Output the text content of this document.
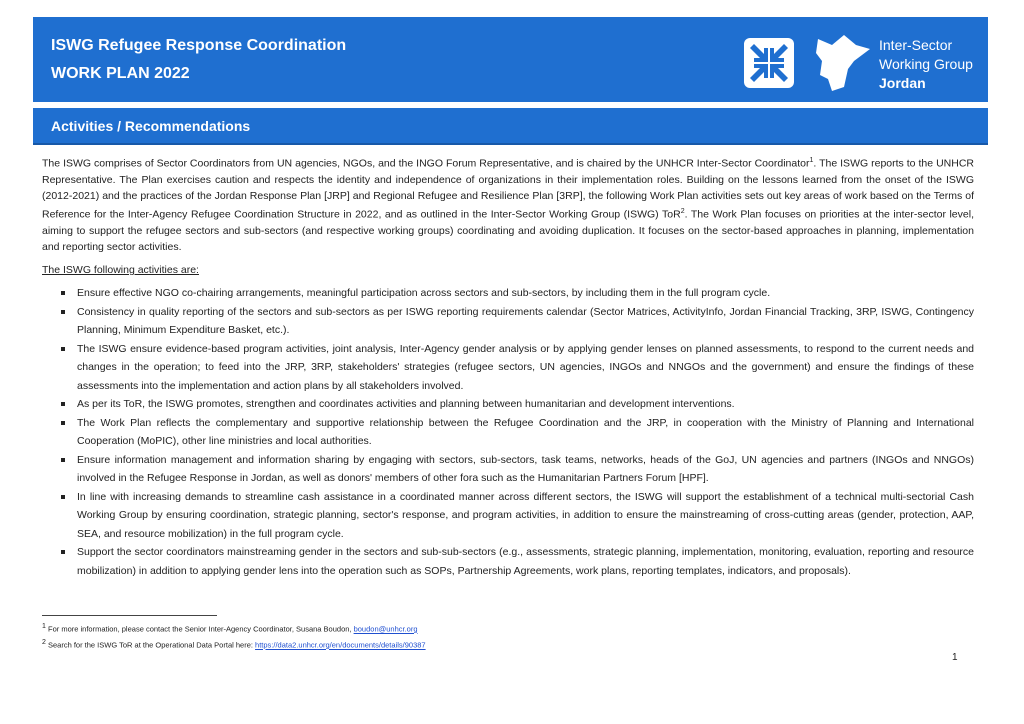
ISWG Refugee Response Coordination
WORK PLAN 2022
Inter-Sector
Working Group
Jordan
Activities / Recommendations

The ISWG comprises of Sector Coordinators from UN agencies, NGOs, and the INGO Forum Representative, and is chaired by the UNHCR Inter-Sector Coordinator$^1$. The ISWG reports to the UNHCR Representative. The Plan exercises caution and respects the identity and independence of organizations in their implementation roles. Building on the lessons learned from the onset of the ISWG (2012-2021) and the practices of the Jordan Response Plan [JRP] and Regional Refugee and Resilience Plan [3RP], the following Work Plan activities sets out key areas of work based on the Terms of Reference for the Inter-Agency Refugee Coordination Structure in 2022, and as outlined in the Inter-Sector Working Group (ISWG) ToR$^2$. The Work Plan focuses on priorities at the inter-sector level, aiming to support the refugee sectors and sub-sectors (and respective working groups) coordinating and avoiding duplication. It focuses on the sector-based approaches in planning, implementation and reporting sector activities.

The ISWG following activities are:

Ensure effective NGO co-chairing arrangements, meaningful participation across sectors and sub-sectors, by including them in the full program cycle.
Consistency in quality reporting of the sectors and sub-sectors as per ISWG reporting requirements calendar (Sector Matrices, ActivityInfo, Jordan Financial Tracking, 3RP, ISWG, Contingency Planning, Minimum Expenditure Basket, etc.).
The ISWG ensure evidence-based program activities, joint analysis, Inter-Agency gender analysis or by applying gender lenses on planned assessments, to respond to the current needs and changes in the operation; to feed into the JRP, 3RP, stakeholders' strategies (refugee sectors, UN agencies, INGOs and NNGOs and the government) and ensure the findings of these assessments into the implementation and action plans by all stakeholders involved.
As per its ToR, the ISWG promotes, strengthen and coordinates activities and planning between humanitarian and development interventions.
The Work Plan reflects the complementary and supportive relationship between the Refugee Coordination and the JRP, in cooperation with the Ministry of Planning and International Cooperation (MoPIC), other line ministries and local authorities.
Ensure information management and information sharing by engaging with sectors, sub-sectors, task teams, networks, heads of the GoJ, UN agencies and partners (INGOs and NNGOs) involved in the Refugee Response in Jordan, as well as donors' members of other fora such as the Humanitarian Partners Forum [HPF].
In line with increasing demands to streamline cash assistance in a coordinated manner across different sectors, the ISWG will support the establishment of a technical multi-sectorial Cash Working Group by ensuring coordination, strategic planning, sector's response, and program activities, in addition to ensure the mainstreaming of cross-cutting areas (gender, protection, AAP, SEA, and resource mobilization) in the full program cycle.
Support the sector coordinators mainstreaming gender in the sectors and sub-sub-sectors (e.g., assessments, strategic planning, implementation, monitoring, evaluation, reporting and resource mobilization) in addition to applying gender lens into the operation such as SOPs, Partnership Agreements, work plans, reporting templates, indicators, and proposals).
$^1$ For more information, please contact the Senior Inter-Agency Coordinator, Susana Boudon, boudon@unhcr.org
$^2$ Search for the ISWG ToR at the Operational Data Portal here: https://data2.unhcr.org/en/documents/details/90387
1
